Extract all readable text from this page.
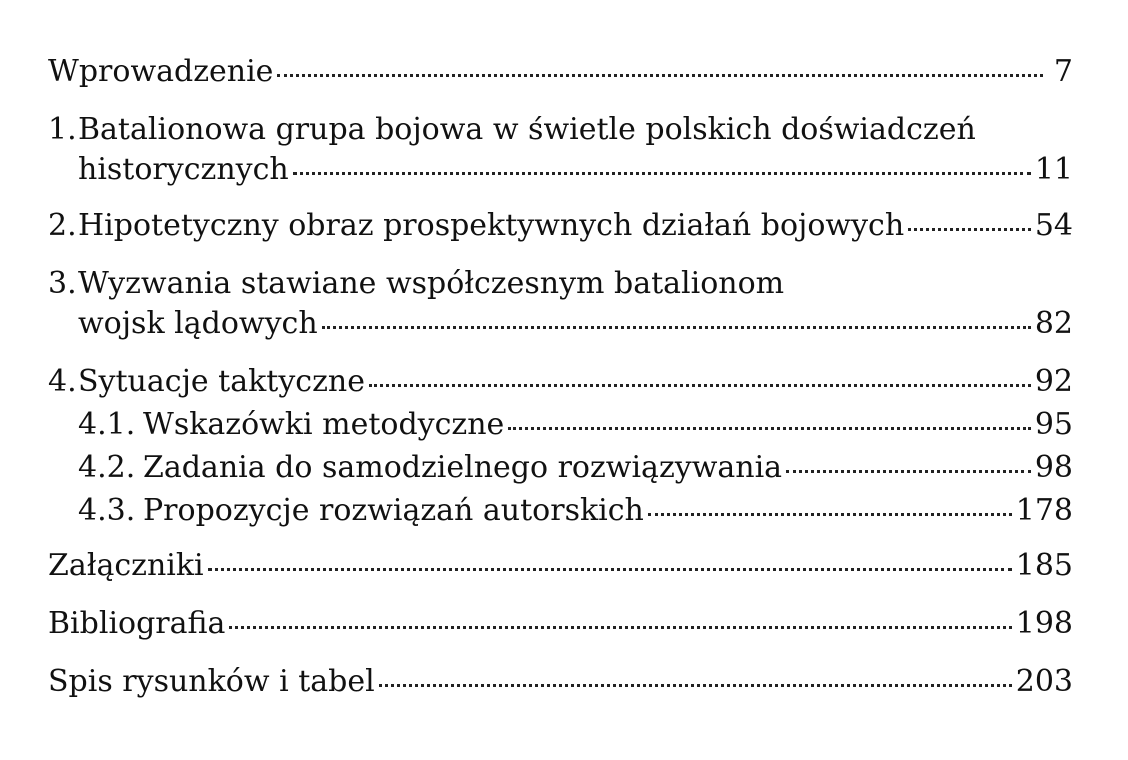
Wprowadzenie	7
1. Batalionowa grupa bojowa w świetle polskich doświadczeń
historycznych	11
2. Hipotetyczny obraz prospektywnych działań bojowych	54
3. Wyzwania stawiane współczesnym batalionom
wojsk lądowych	82
4. Sytuacje taktyczne	92
4.1. Wskazówki metodyczne	95
4.2. Zadania do samodzielnego rozwiązywania	98
4.3. Propozycje rozwiązań autorskich	178
Załączniki	185
Bibliografia	198
Spis rysunków i tabel	203
